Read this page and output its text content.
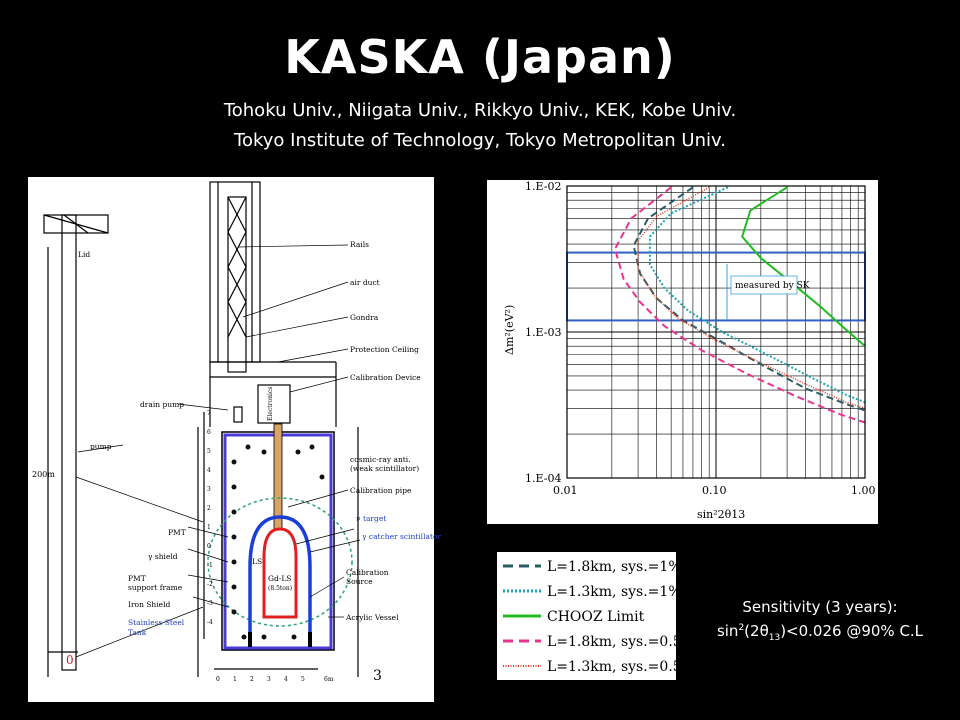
KASKA (Japan)
Tohoku Univ., Niigata Univ., Rikkyo Univ., KEK, Kobe Univ.
Tokyo Institute of Technology, Tokyo Metropolitan Univ.
Lid
Rails
air duct
Gondra
Protection Ceiling
Calibration Device
drain pump
pump
200m
cosmic-ray anti.
(weak scintillator)
Calibration pipe
ν target
γ catcher scintillator
PMT
γ shield
PMT
support frame
Iron Shield
Stainless Steel
Tank
LS
Gd-LS
(8.5ton)
Calibration
Source
Acrylic Vessel
Electronics
0
3
6m
0 1 2 3 4 5
7
6
5
4
3
2
1
0
-1
-2
-3
-4
measured by SK
1.E-02
1.E-03
1.E-04
0.01	0.10	1.00
Δm²(eV²)
sin²2θ13
L=1.8km, sys.=1%
L=1.3km, sys.=1%
CHOOZ Limit
L=1.8km, sys.=0.5%
L=1.3km, sys.=0.5%
Sensitivity (3 years):
$\sin^2(2\theta_{13})<0.026$ @90% C.L
